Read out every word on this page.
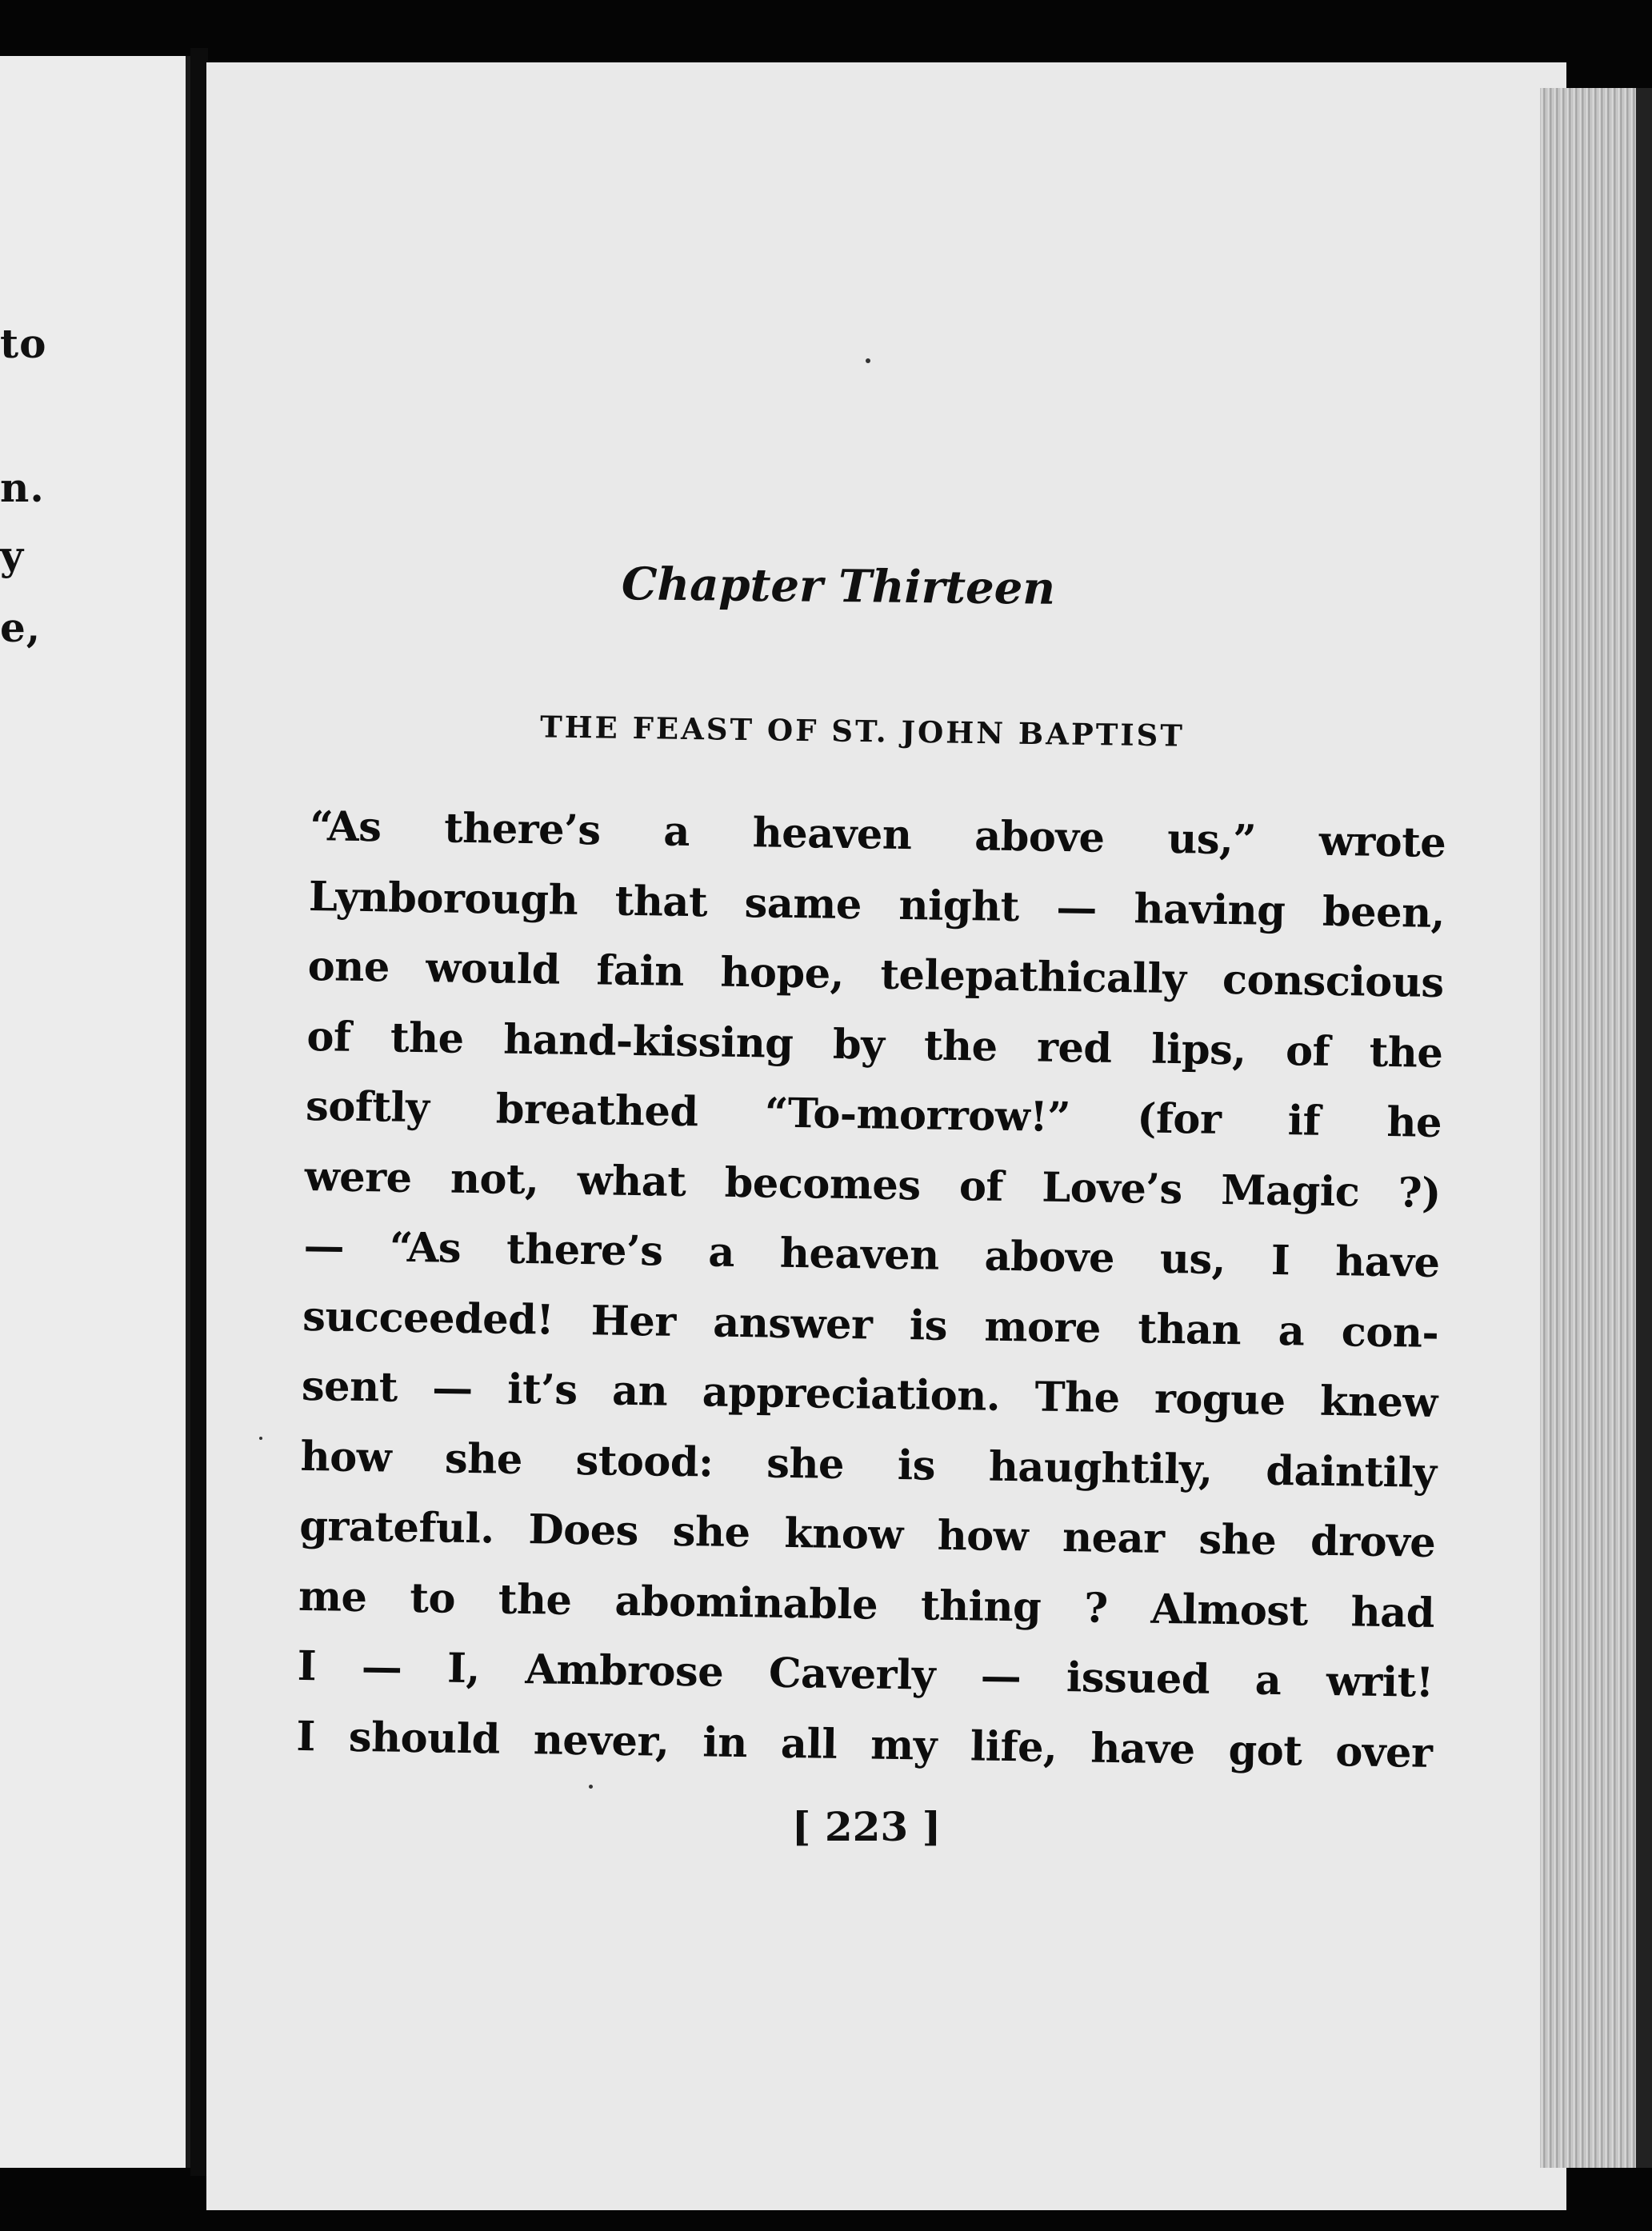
to
n.
y
e,
Chapter Thirteen
THE FEAST OF ST. JOHN BAPTIST
“As there’s a heaven above us,” wrote
Lynborough that same night — having been,
one would fain hope, telepathically conscious
of the hand-kissing by the red lips, of the
softly breathed “To-morrow!” (for if he
were not, what becomes of Love’s Magic ?)
— “As there’s a heaven above us, I have
succeeded! Her answer is more than a con-
sent — it’s an appreciation. The rogue knew
how she stood: she is haughtily, daintily
grateful. Does she know how near she drove
me to the abominable thing ? Almost had
I — I, Ambrose Caverly — issued a writ!
I should never, in all my life, have got over

[ 223 ]
